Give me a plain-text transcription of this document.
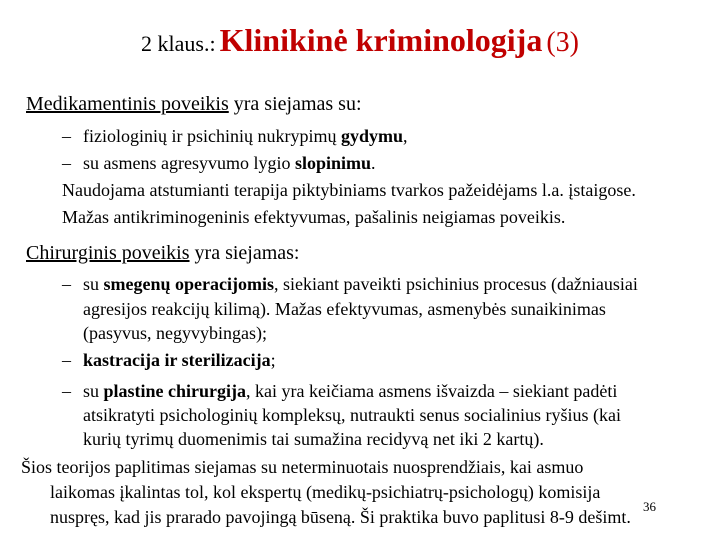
2 klaus.: Klinikinė kriminologija (3)
Medikamentinis poveikis yra siejamas su:
– fiziologinių ir psichinių nukrypimų gydymu,
– su asmens agresyvumo lygio slopinimu.
Naudojama atstumianti terapija piktybiniams tvarkos pažeidėjams l.a. įstaigose.
Mažas antikriminogeninis efektyvumas, pašalinis neigiamas poveikis.
Chirurginis poveikis yra siejamas:
– su smegenų operacijomis, siekiant paveikti psichinius procesus (dažniausiai
agresijos reakcijų kilimą). Mažas efektyvumas, asmenybės sunaikinimas
(pasyvus, negyvybingas);
– kastracija ir sterilizacija;
– su plastine chirurgija, kai yra keičiama asmens išvaizda – siekiant padėti
atsikratyti psichologinių kompleksų, nutraukti senus socialinius ryšius (kai
kurių tyrimų duomenimis tai sumažina recidyvą net iki 2 kartų).
Šios teorijos paplitimas siejamas su neterminuotais nuosprendžiais, kai asmuo
laikomas įkalintas tol, kol ekspertų (medikų-psichiatrų-psichologų) komisija
nuspręs, kad jis prarado pavojingą būseną. Ši praktika buvo paplitusi 8-9 dešimt.
36
